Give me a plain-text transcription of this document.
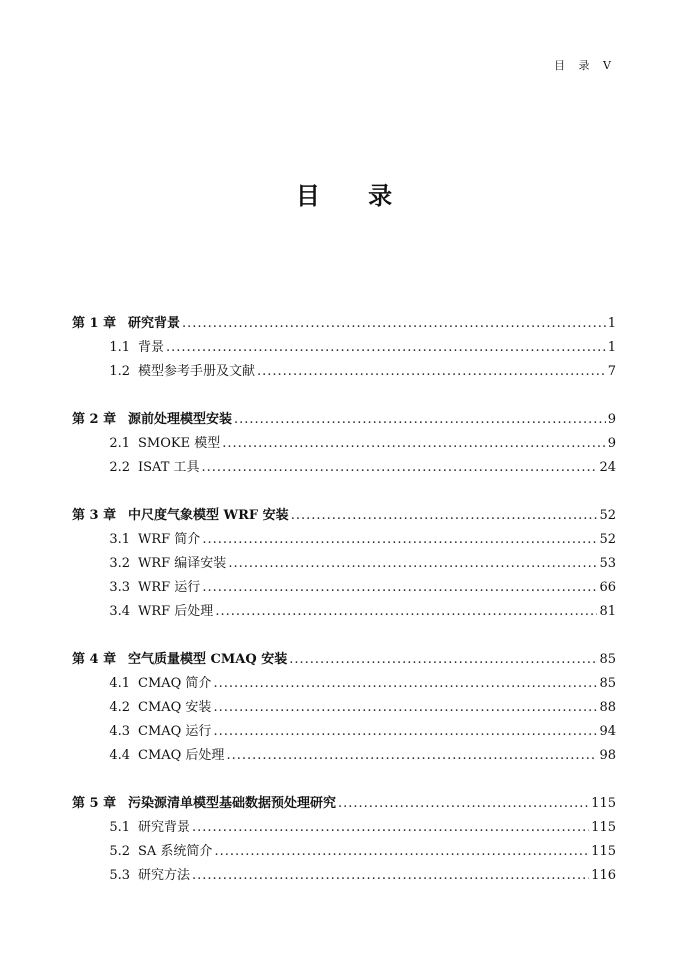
目 录 V
目 录
第 1 章 研究背景 .....	1
1.1 背景 .....	1
1.2 模型参考手册及文献 .....	7
第 2 章 源前处理模型安装 .....	9
2.1 SMOKE 模型 .....	9
2.2 ISAT 工具 .....	24
第 3 章 中尺度气象模型 WRF 安装 .....	52
3.1 WRF 简介 .....	52
3.2 WRF 编译安装 .....	53
3.3 WRF 运行 .....	66
3.4 WRF 后处理 .....	81
第 4 章 空气质量模型 CMAQ 安装 .....	85
4.1 CMAQ 简介 .....	85
4.2 CMAQ 安装 .....	88
4.3 CMAQ 运行 .....	94
4.4 CMAQ 后处理 .....	98
第 5 章 污染源清单模型基础数据预处理研究 .....	115
5.1 研究背景 .....	115
5.2 SA 系统简介 .....	115
5.3 研究方法 .....	116
